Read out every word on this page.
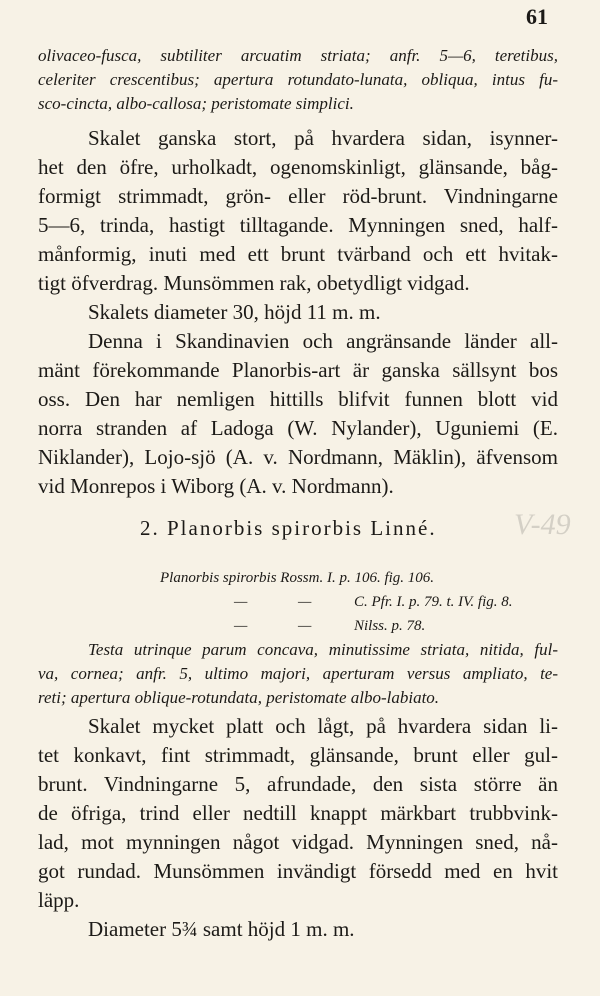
61
olivaceo-fusca, subtiliter arcuatim striata; anfr. 5—6, teretibus,
celeriter crescentibus; apertura rotundato-lunata, obliqua, intus fu-
sco-cincta, albo-callosa; peristomate simplici.
Skalet ganska stort, på hvardera sidan, isynner-
het den öfre, urholkadt, ogenomskinligt, glänsande, båg-
formigt strimmadt, grön- eller röd-brunt. Vindningarne
5—6, trinda, hastigt tilltagande. Mynningen sned, half-
månformig, inuti med ett brunt tvärband och ett hvitak-
tigt öfverdrag. Munsömmen rak, obetydligt vidgad.
Skalets diameter 30, höjd 11 m. m.
Denna i Skandinavien och angränsande länder all-
mänt förekommande Planorbis-art är ganska sällsynt bos
oss. Den har nemligen hittills blifvit funnen blott vid
norra stranden af Ladoga (W. Nylander), Uguniemi (E.
Niklander), Lojo-sjö (A. v. Nordmann, Mäklin), äfvensom
vid Monrepos i Wiborg (A. v. Nordmann).
2. Planorbis spirorbis Linné.	V-49
Planorbis spirorbis Rossm. I. p. 106. fig. 106.
—	—	C. Pfr. I. p. 79. t. IV. fig. 8.
—	—	Nilss. p. 78.
Testa utrinque parum concava, minutissime striata, nitida, ful-
va, cornea; anfr. 5, ultimo majori, aperturam versus ampliato, te-
reti; apertura oblique-rotundata, peristomate albo-labiato.
Skalet mycket platt och lågt, på hvardera sidan li-
tet konkavt, fint strimmadt, glänsande, brunt eller gul-
brunt. Vindningarne 5, afrundade, den sista större än
de öfriga, trind eller nedtill knappt märkbart trubbvink-
lad, mot mynningen något vidgad. Mynningen sned, nå-
got rundad. Munsömmen invändigt försedd med en hvit
läpp.
Diameter 5¾ samt höjd 1 m. m.
